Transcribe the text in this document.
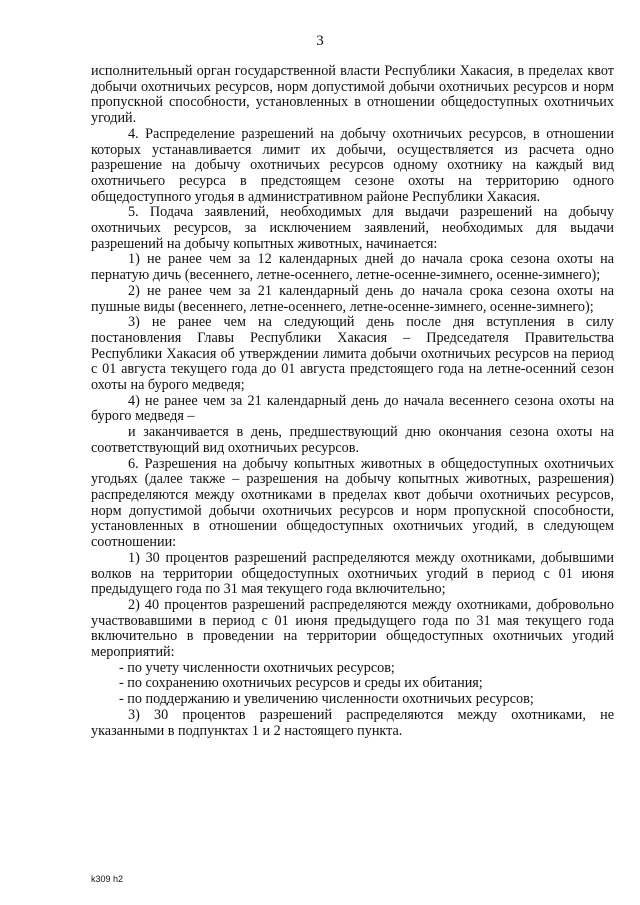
3

исполнительный орган государственной власти Республики Хакасия, в пределах квот добычи охотничьих ресурсов, норм допустимой добычи охотничьих ресурсов и норм пропускной способности, установленных в отношении общедоступных охотничьих угодий.

4. Распределение разрешений на добычу охотничьих ресурсов, в отношении которых устанавливается лимит их добычи, осуществляется из расчета одно разрешение на добычу охотничьих ресурсов одному охотнику на каждый вид охотничьего ресурса в предстоящем сезоне охоты на территорию одного общедоступного угодья в административном районе Республики Хакасия.

5. Подача заявлений, необходимых для выдачи разрешений на добычу охотничьих ресурсов, за исключением заявлений, необходимых для выдачи разрешений на добычу копытных животных, начинается:

1) не ранее чем за 12 календарных дней до начала срока сезона охоты на пернатую дичь (весеннего, летне-осеннего, летне-осенне-зимнего, осенне-зимнего);

2) не ранее чем за 21 календарный день до начала срока сезона охоты на пушные виды (весеннего, летне-осеннего, летне-осенне-зимнего, осенне-зимнего);

3) не ранее чем на следующий день после дня вступления в силу постановления Главы Республики Хакасия – Председателя Правительства Республики Хакасия об утверждении лимита добычи охотничьих ресурсов на период с 01 августа текущего года до 01 августа предстоящего года на летне-осенний сезон охоты на бурого медведя;

4) не ранее чем за 21 календарный день до начала весеннего сезона охоты на бурого медведя –

и заканчивается в день, предшествующий дню окончания сезона охоты на соответствующий вид охотничьих ресурсов.

6. Разрешения на добычу копытных животных в общедоступных охотничьих угодьях (далее также – разрешения на добычу копытных животных, разрешения) распределяются между охотниками в пределах квот добычи охотничьих ресурсов, норм допустимой добычи охотничьих ресурсов и норм пропускной способности, установленных в отношении общедоступных охотничьих угодий, в следующем соотношении:

1) 30 процентов разрешений распределяются между охотниками, добывшими волков на территории общедоступных охотничьих угодий в период с 01 июня предыдущего года по 31 мая текущего года включительно;

2) 40 процентов разрешений распределяются между охотниками, добровольно участвовавшими в период с 01 июня предыдущего года по 31 мая текущего года включительно в проведении на территории общедоступных охотничьих угодий мероприятий:

- по учету численности охотничьих ресурсов;

- по сохранению охотничьих ресурсов и среды их обитания;

- по поддержанию и увеличению численности охотничьих ресурсов;

3) 30 процентов разрешений распределяются между охотниками, не указанными в подпунктах 1 и 2 настоящего пункта.

k309 h2
